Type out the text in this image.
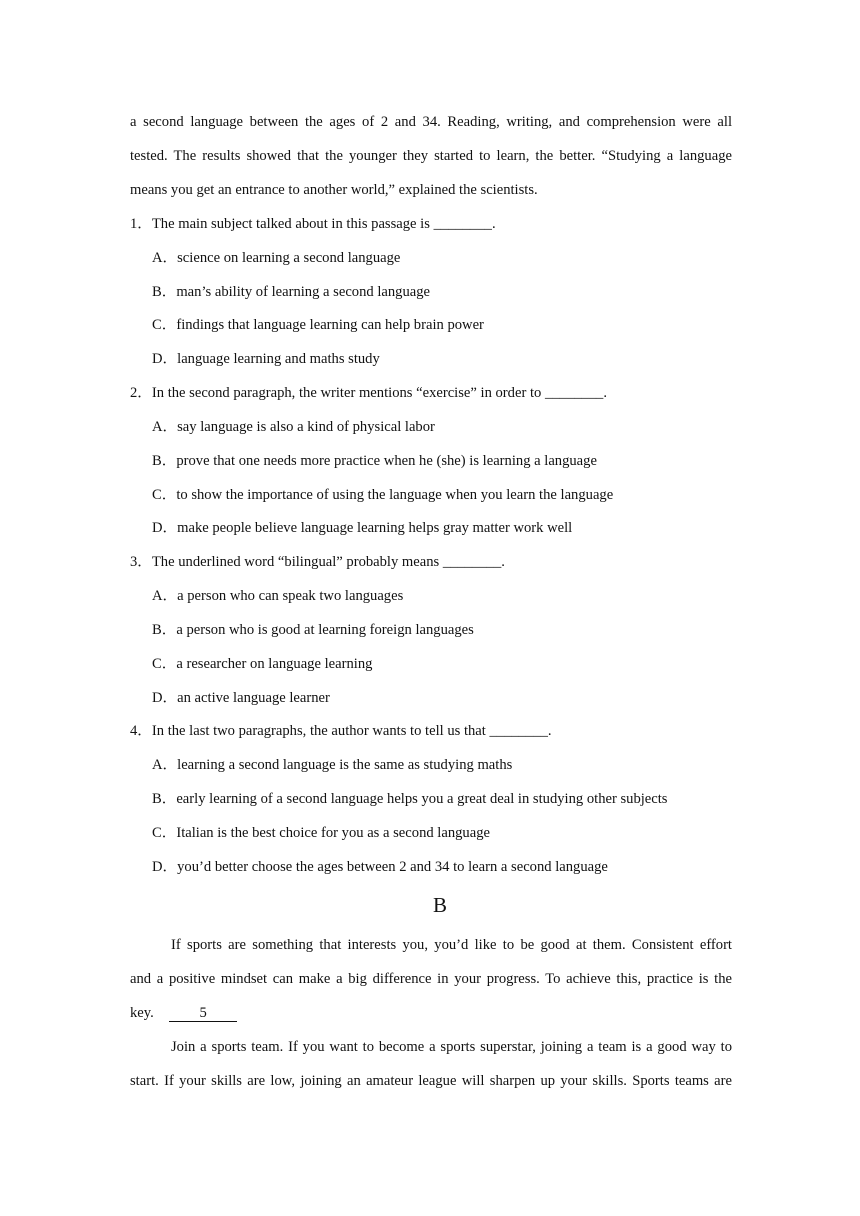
a second language between the ages of 2 and 34. Reading, writing, and comprehension were all
tested. The results showed that the younger they started to learn, the better. “Studying a language
means you get an entrance to another world,” explained the scientists.
1．The main subject talked about in this passage is ________.
A．science on learning a second language
B．man’s ability of learning a second language
C．findings that language learning can help brain power
D．language learning and maths study
2．In the second paragraph, the writer mentions “exercise” in order to ________.
A．say language is also a kind of physical labor
B．prove that one needs more practice when he (she) is learning a language
C．to show the importance of using the language when you learn the language
D．make people believe language learning helps gray matter work well
3．The underlined word “bilingual” probably means ________.
A．a person who can speak two languages
B．a person who is good at learning foreign languages
C．a researcher on language learning
D．an active language learner
4．In the last two paragraphs, the author wants to tell us that ________.
A．learning a second language is the same as studying maths
B．early learning of a second language helps you a great deal in studying other subjects
C．Italian is the best choice for you as a second language
D．you’d better choose the ages between 2 and 34 to learn a second language
B
If sports are something that interests you, you’d like to be good at them. Consistent effort
and a positive mindset can make a big difference in your progress. To achieve this, practice is the
key.	5
Join a sports team. If you want to become a sports superstar, joining a team is a good way to
start. If your skills are low, joining an amateur league will sharpen up your skills. Sports teams are
